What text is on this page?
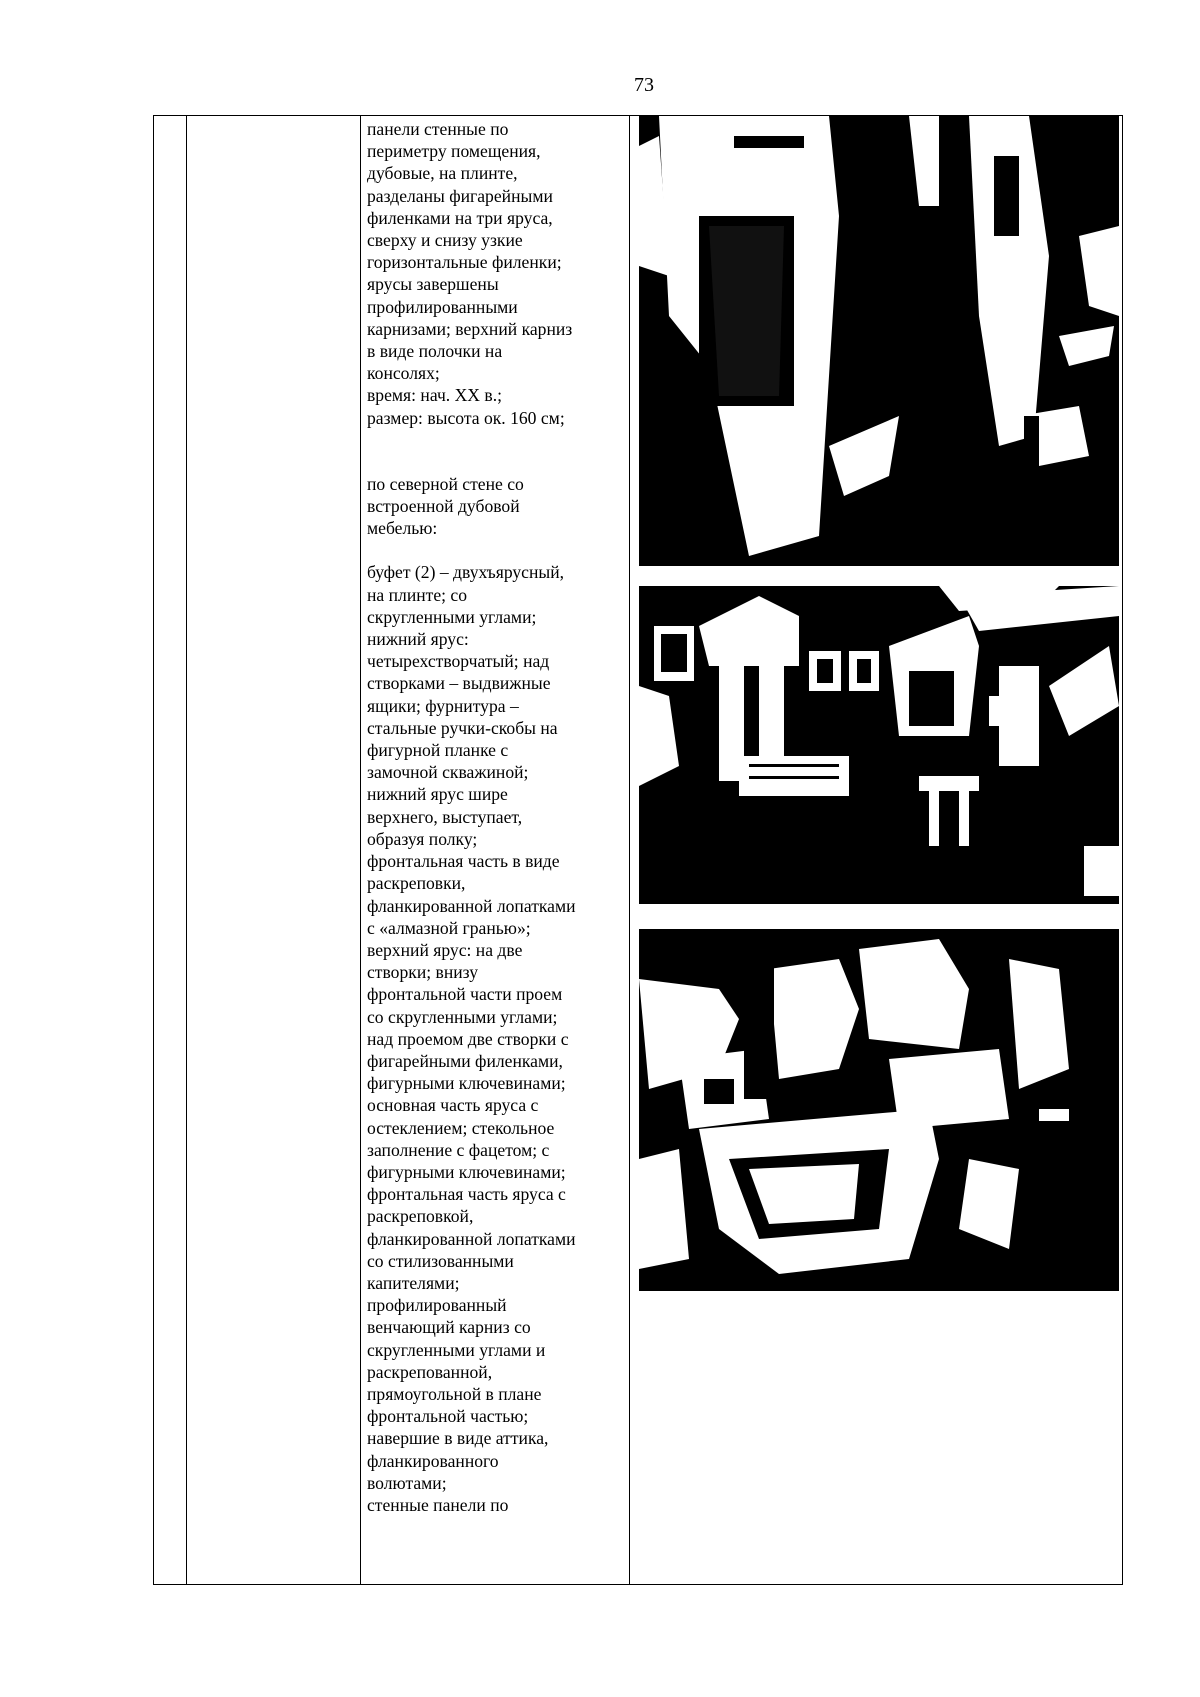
73

панели стенные по
периметру помещения,
дубовые, на плинте,
разделаны фигарейными
филенками на три яруса,
сверху и снизу узкие
горизонтальные филенки;
ярусы завершены
профилированными
карнизами; верхний карниз
в виде полочки на
консолях;

время: нач. XX в.;

размер: высота ок. 160 см;

по северной стене со
встроенной дубовой
мебелью:

буфет (2) – двухъярусный,
на плинте; со
скругленными углами;
нижний ярус:
четырехстворчатый; над
створками – выдвижные
ящики; фурнитура –
стальные ручки-скобы на
фигурной планке с
замочной скважиной;
нижний ярус шире
верхнего, выступает,
образуя полку;
фронтальная часть в виде
раскреповки,
фланкированной лопатками
с «алмазной гранью»;
верхний ярус: на две
створки; внизу
фронтальной части проем
со скругленными углами;
над проемом две створки с
фигарейными филенками,
фигурными ключевинами;
основная часть яруса с
остеклением; стекольное
заполнение с фацетом; с
фигурными ключевинами;
фронтальная часть яруса с
раскреповкой,
фланкированной лопатками
со стилизованными
капителями;
профилированный
венчающий карниз со
скругленными углами и
раскрепованной,
прямоугольной в плане
фронтальной частью;
навершие в виде аттика,
фланкированного
волютами;

стенные панели по
